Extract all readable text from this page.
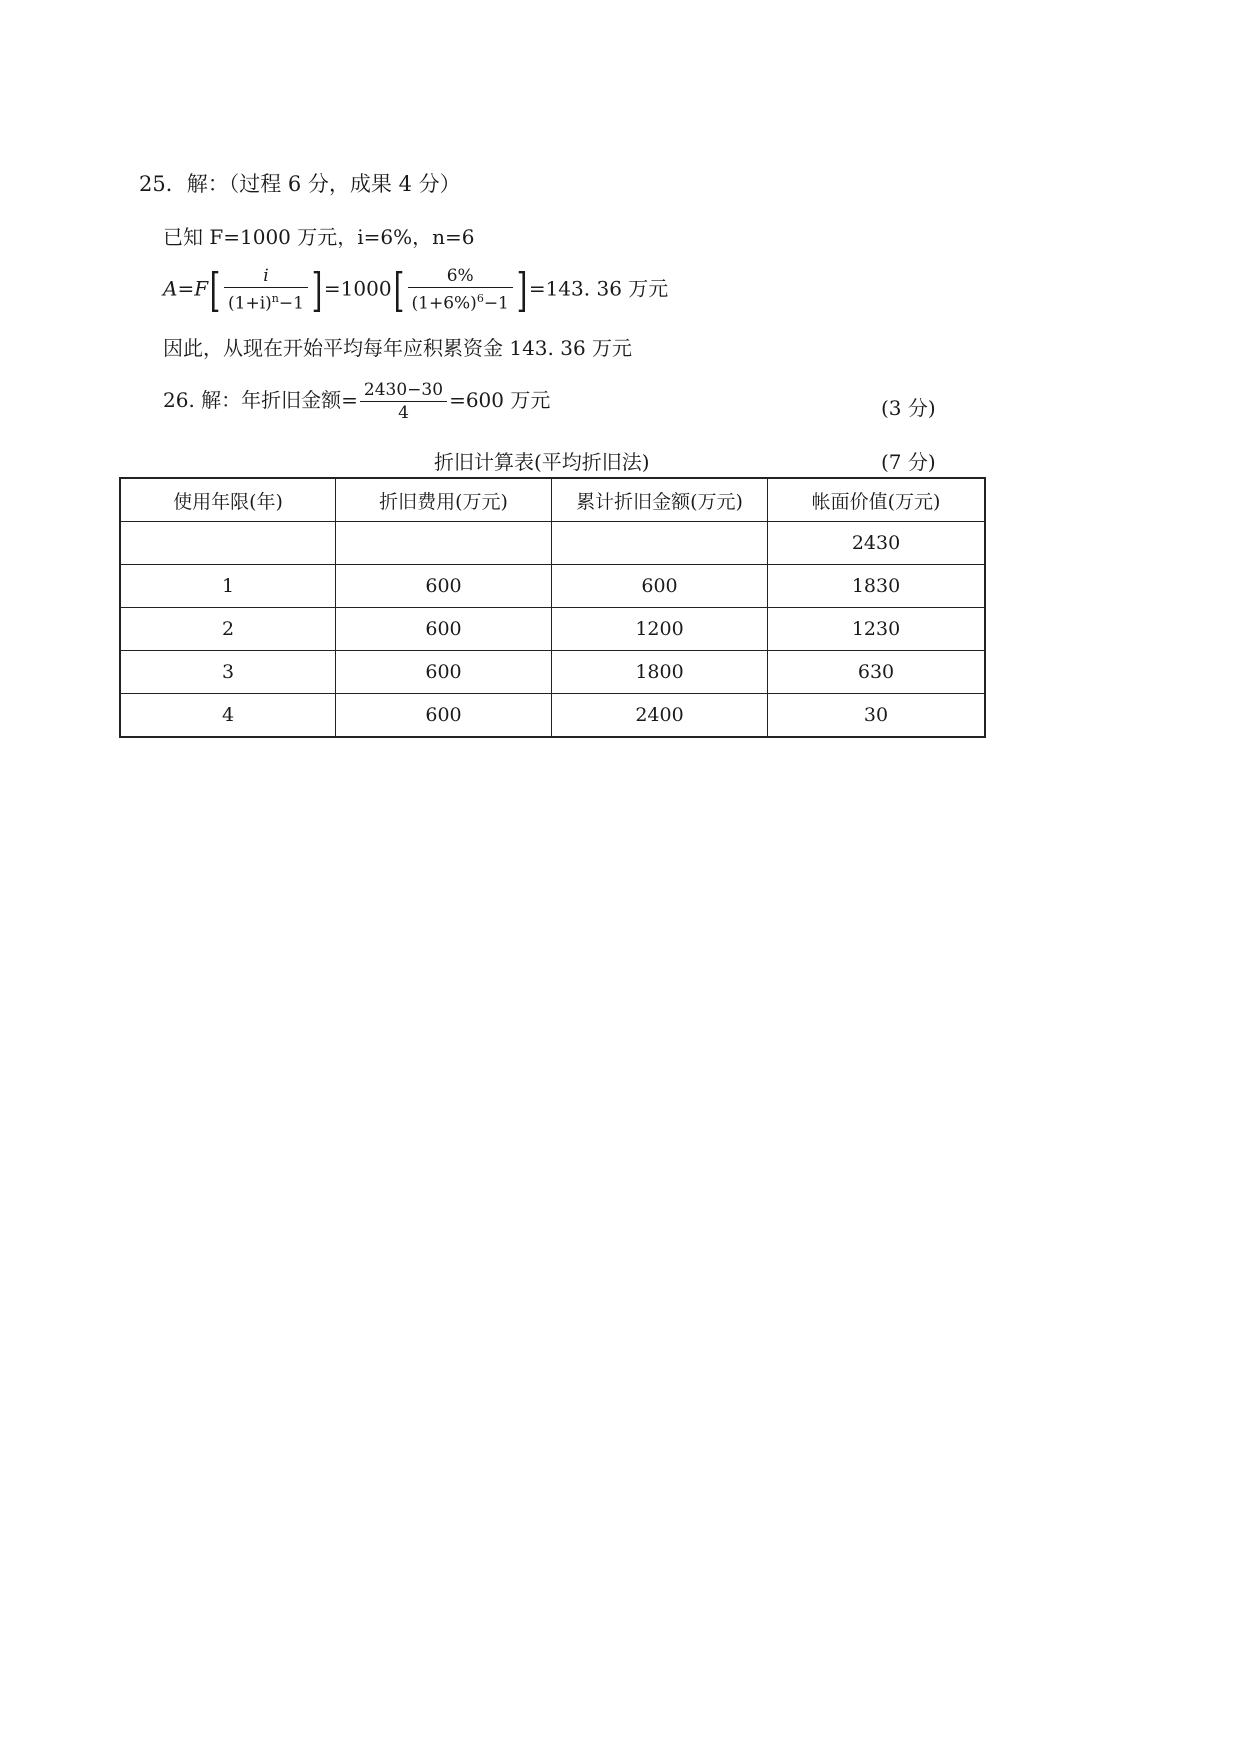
25．解：（过程 6 分，成果 4 分）
已知 F=1000 万元，i=6%，n=6
$A=F[ \frac{i}{(1+i)^n-1} ]=1000[ \frac{6\%}{(1+6\%)^6-1} ]=143$. 36 万元
因此，从现在开始平均每年应积累资金 143. 36 万元
26. 解：年折旧金额= $\frac{2430-30}{4} =600$ 万元	(3 分)
折旧计算表(平均折旧法)	(7 分)
使用年限(年)	折旧费用(万元)	累计折旧金额(万元)	帐面价值(万元)
			2430
1	600	600	1830
2	600	1200	1230
3	600	1800	630
4	600	2400	30
